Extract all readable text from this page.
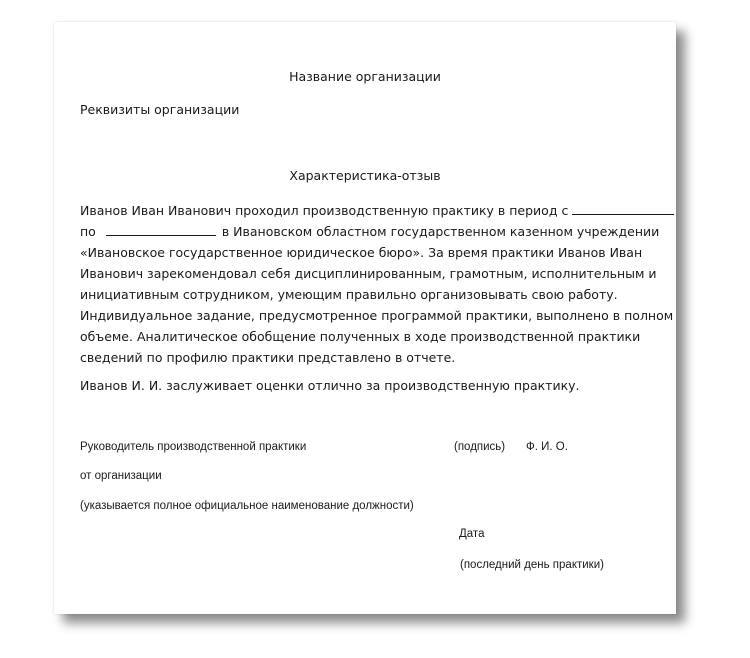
Название организации
Реквизиты организации
Характеристика-отзыв
Иванов Иван Иванович проходил производственную практику в период с
по	в Ивановском областном государственном казенном учреждении
«Ивановское государственное юридическое бюро». За время практики Иванов Иван
Иванович зарекомендовал себя дисциплинированным, грамотным, исполнительным и
инициативным сотрудником, умеющим правильно организовывать свою работу.
Индивидуальное задание, предусмотренное программой практики, выполнено в полном
объеме. Аналитическое обобщение полученных в ходе производственной практики
сведений по профилю практики представлено в отчете.
Иванов И. И. заслуживает оценки отлично за производственную практику.
Руководитель производственной практики	(подпись) Ф. И. О.
от организации
(указывается полное официальное наименование должности)
Дата
(последний день практики)
